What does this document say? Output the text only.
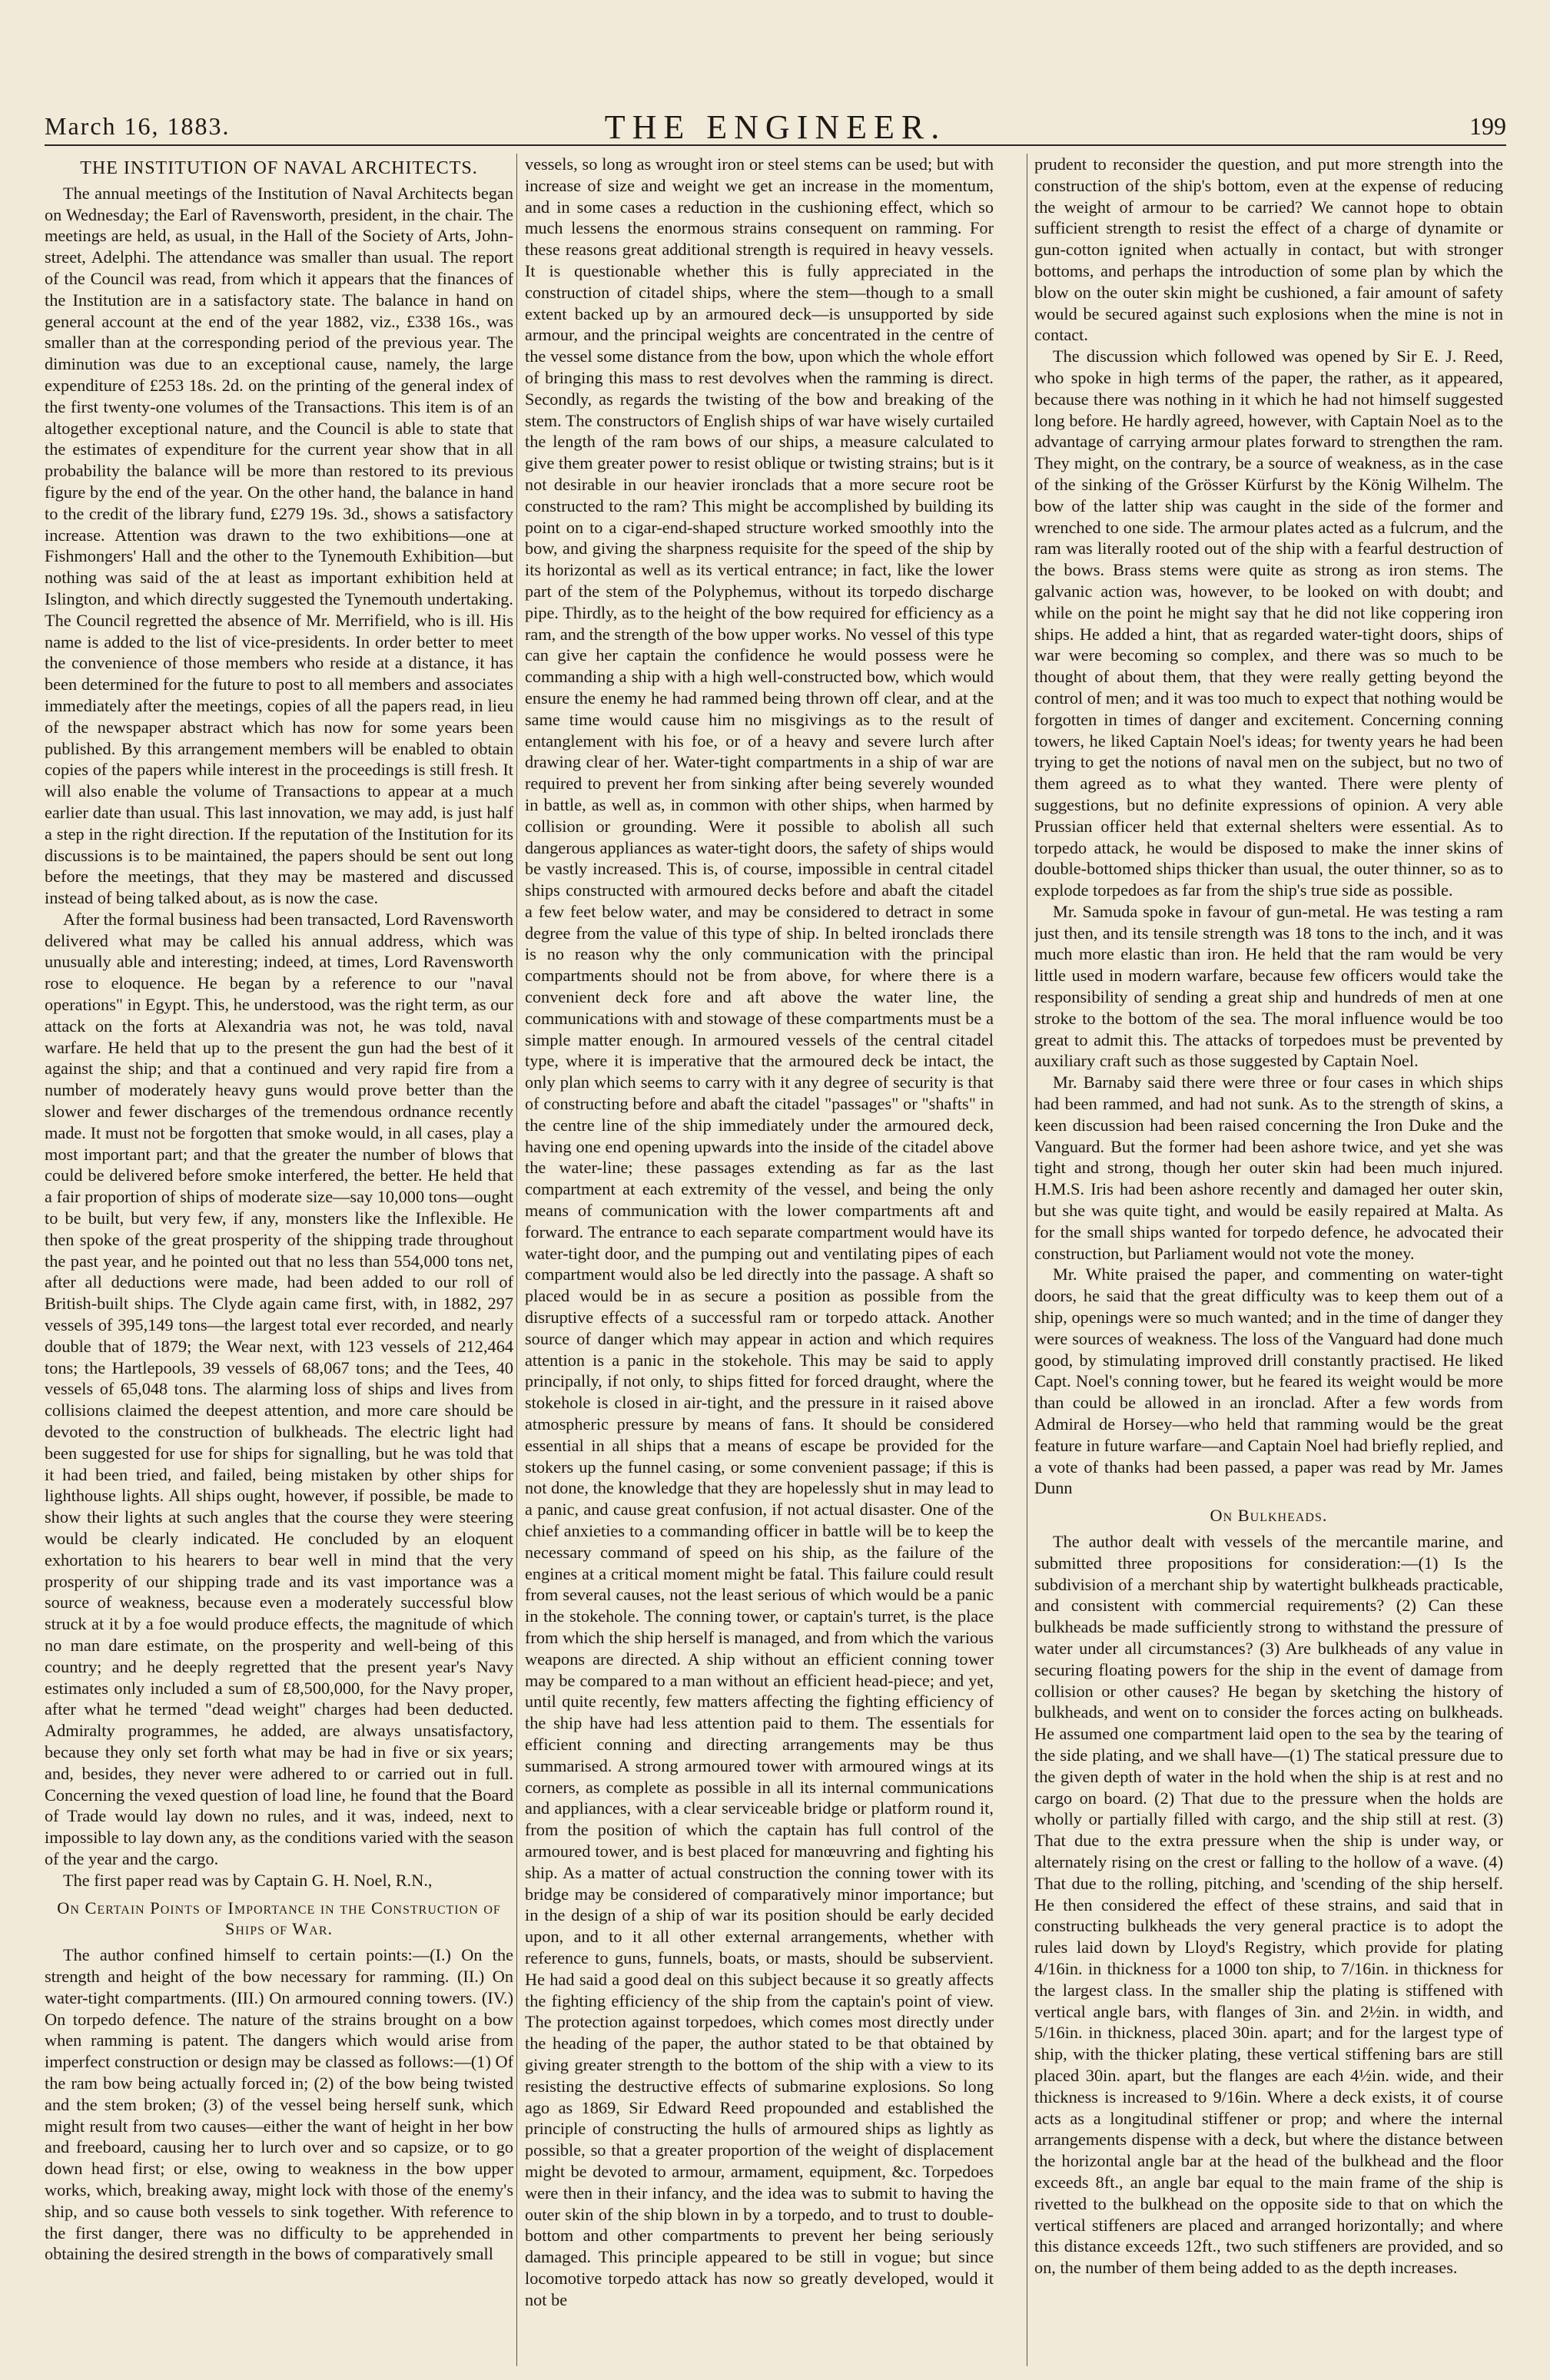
March 16, 1883.	THE ENGINEER.	199

THE INSTITUTION OF NAVAL ARCHITECTS.

The annual meetings of the Institution of Naval Architects began on Wednesday; the Earl of Ravensworth, president, in the chair. The meetings are held, as usual, in the Hall of the Society of Arts, John-street, Adelphi. The attendance was smaller than usual. The report of the Council was read, from which it appears that the finances of the Institution are in a satisfactory state. The balance in hand on general account at the end of the year 1882, viz., £338 16s., was smaller than at the corresponding period of the previous year. The diminution was due to an exceptional cause, namely, the large expenditure of £253 18s. 2d. on the printing of the general index of the first twenty-one volumes of the Transactions. This item is of an altogether exceptional nature, and the Council is able to state that the estimates of expenditure for the current year show that in all probability the balance will be more than restored to its previous figure by the end of the year. On the other hand, the balance in hand to the credit of the library fund, £279 19s. 3d., shows a satisfactory increase. Attention was drawn to the two exhibitions—one at Fishmongers' Hall and the other to the Tynemouth Exhibition—but nothing was said of the at least as important exhibition held at Islington, and which directly suggested the Tynemouth undertaking. The Council regretted the absence of Mr. Merrifield, who is ill. His name is added to the list of vice-presidents. In order better to meet the convenience of those members who reside at a distance, it has been determined for the future to post to all members and associates immediately after the meetings, copies of all the papers read, in lieu of the newspaper abstract which has now for some years been published. By this arrangement members will be enabled to obtain copies of the papers while interest in the proceedings is still fresh. It will also enable the volume of Transactions to appear at a much earlier date than usual. This last innovation, we may add, is just half a step in the right direction. If the reputation of the Institution for its discussions is to be maintained, the papers should be sent out long before the meetings, that they may be mastered and discussed instead of being talked about, as is now the case.

After the formal business had been transacted, Lord Ravensworth delivered what may be called his annual address, which was unusually able and interesting; indeed, at times, Lord Ravensworth rose to eloquence. He began by a reference to our "naval operations" in Egypt. This, he understood, was the right term, as our attack on the forts at Alexandria was not, he was told, naval warfare. He held that up to the present the gun had the best of it against the ship; and that a continued and very rapid fire from a number of moderately heavy guns would prove better than the slower and fewer discharges of the tremendous ordnance recently made. It must not be forgotten that smoke would, in all cases, play a most important part; and that the greater the number of blows that could be delivered before smoke interfered, the better. He held that a fair proportion of ships of moderate size—say 10,000 tons—ought to be built, but very few, if any, monsters like the Inflexible. He then spoke of the great prosperity of the shipping trade throughout the past year, and he pointed out that no less than 554,000 tons net, after all deductions were made, had been added to our roll of British-built ships. The Clyde again came first, with, in 1882, 297 vessels of 395,149 tons—the largest total ever recorded, and nearly double that of 1879; the Wear next, with 123 vessels of 212,464 tons; the Hartlepools, 39 vessels of 68,067 tons; and the Tees, 40 vessels of 65,048 tons. The alarming loss of ships and lives from collisions claimed the deepest attention, and more care should be devoted to the construction of bulkheads. The electric light had been suggested for use for ships for signalling, but he was told that it had been tried, and failed, being mistaken by other ships for lighthouse lights. All ships ought, however, if possible, be made to show their lights at such angles that the course they were steering would be clearly indicated. He concluded by an eloquent exhortation to his hearers to bear well in mind that the very prosperity of our shipping trade and its vast importance was a source of weakness, because even a moderately successful blow struck at it by a foe would produce effects, the magnitude of which no man dare estimate, on the prosperity and well-being of this country; and he deeply regretted that the present year's Navy estimates only included a sum of £8,500,000, for the Navy proper, after what he termed "dead weight" charges had been deducted. Admiralty programmes, he added, are always unsatisfactory, because they only set forth what may be had in five or six years; and, besides, they never were adhered to or carried out in full. Concerning the vexed question of load line, he found that the Board of Trade would lay down no rules, and it was, indeed, next to impossible to lay down any, as the conditions varied with the season of the year and the cargo.

The first paper read was by Captain G. H. Noel, R.N.,

On Certain Points of Importance in the Construction of Ships of War.

The author confined himself to certain points:—(I.) On the strength and height of the bow necessary for ramming. (II.) On water-tight compartments. (III.) On armoured conning towers. (IV.) On torpedo defence. The nature of the strains brought on a bow when ramming is patent. The dangers which would arise from imperfect construction or design may be classed as follows:—(1) Of the ram bow being actually forced in; (2) of the bow being twisted and the stem broken; (3) of the vessel being herself sunk, which might result from two causes—either the want of height in her bow and freeboard, causing her to lurch over and so capsize, or to go down head first; or else, owing to weakness in the bow upper works, which, breaking away, might lock with those of the enemy's ship, and so cause both vessels to sink together. With reference to the first danger, there was no difficulty to be apprehended in obtaining the desired strength in the bows of comparatively small

vessels, so long as wrought iron or steel stems can be used; but with increase of size and weight we get an increase in the momentum, and in some cases a reduction in the cushioning effect, which so much lessens the enormous strains consequent on ramming. For these reasons great additional strength is required in heavy vessels. It is questionable whether this is fully appreciated in the construction of citadel ships, where the stem—though to a small extent backed up by an armoured deck—is unsupported by side armour, and the principal weights are concentrated in the centre of the vessel some distance from the bow, upon which the whole effort of bringing this mass to rest devolves when the ramming is direct. Secondly, as regards the twisting of the bow and breaking of the stem. The constructors of English ships of war have wisely curtailed the length of the ram bows of our ships, a measure calculated to give them greater power to resist oblique or twisting strains; but is it not desirable in our heavier ironclads that a more secure root be constructed to the ram? This might be accomplished by building its point on to a cigar-end-shaped structure worked smoothly into the bow, and giving the sharpness requisite for the speed of the ship by its horizontal as well as its vertical entrance; in fact, like the lower part of the stem of the Polyphemus, without its torpedo discharge pipe. Thirdly, as to the height of the bow required for efficiency as a ram, and the strength of the bow upper works. No vessel of this type can give her captain the confidence he would possess were he commanding a ship with a high well-constructed bow, which would ensure the enemy he had rammed being thrown off clear, and at the same time would cause him no misgivings as to the result of entanglement with his foe, or of a heavy and severe lurch after drawing clear of her. Water-tight compartments in a ship of war are required to prevent her from sinking after being severely wounded in battle, as well as, in common with other ships, when harmed by collision or grounding. Were it possible to abolish all such dangerous appliances as water-tight doors, the safety of ships would be vastly increased. This is, of course, impossible in central citadel ships constructed with armoured decks before and abaft the citadel a few feet below water, and may be considered to detract in some degree from the value of this type of ship. In belted ironclads there is no reason why the only communication with the principal compartments should not be from above, for where there is a convenient deck fore and aft above the water line, the communications with and stowage of these compartments must be a simple matter enough. In armoured vessels of the central citadel type, where it is imperative that the armoured deck be intact, the only plan which seems to carry with it any degree of security is that of constructing before and abaft the citadel "passages" or "shafts" in the centre line of the ship immediately under the armoured deck, having one end opening upwards into the inside of the citadel above the water-line; these passages extending as far as the last compartment at each extremity of the vessel, and being the only means of communication with the lower compartments aft and forward. The entrance to each separate compartment would have its water-tight door, and the pumping out and ventilating pipes of each compartment would also be led directly into the passage. A shaft so placed would be in as secure a position as possible from the disruptive effects of a successful ram or torpedo attack. Another source of danger which may appear in action and which requires attention is a panic in the stokehole. This may be said to apply principally, if not only, to ships fitted for forced draught, where the stokehole is closed in air-tight, and the pressure in it raised above atmospheric pressure by means of fans. It should be considered essential in all ships that a means of escape be provided for the stokers up the funnel casing, or some convenient passage; if this is not done, the knowledge that they are hopelessly shut in may lead to a panic, and cause great confusion, if not actual disaster. One of the chief anxieties to a commanding officer in battle will be to keep the necessary command of speed on his ship, as the failure of the engines at a critical moment might be fatal. This failure could result from several causes, not the least serious of which would be a panic in the stokehole. The conning tower, or captain's turret, is the place from which the ship herself is managed, and from which the various weapons are directed. A ship without an efficient conning tower may be compared to a man without an efficient head-piece; and yet, until quite recently, few matters affecting the fighting efficiency of the ship have had less attention paid to them. The essentials for efficient conning and directing arrangements may be thus summarised. A strong armoured tower with armoured wings at its corners, as complete as possible in all its internal communications and appliances, with a clear serviceable bridge or platform round it, from the position of which the captain has full control of the armoured tower, and is best placed for manœuvring and fighting his ship. As a matter of actual construction the conning tower with its bridge may be considered of comparatively minor importance; but in the design of a ship of war its position should be early decided upon, and to it all other external arrangements, whether with reference to guns, funnels, boats, or masts, should be subservient. He had said a good deal on this subject because it so greatly affects the fighting efficiency of the ship from the captain's point of view. The protection against torpedoes, which comes most directly under the heading of the paper, the author stated to be that obtained by giving greater strength to the bottom of the ship with a view to its resisting the destructive effects of submarine explosions. So long ago as 1869, Sir Edward Reed propounded and established the principle of constructing the hulls of armoured ships as lightly as possible, so that a greater proportion of the weight of displacement might be devoted to armour, armament, equipment, &c. Torpedoes were then in their infancy, and the idea was to submit to having the outer skin of the ship blown in by a torpedo, and to trust to double-bottom and other compartments to prevent her being seriously damaged. This principle appeared to be still in vogue; but since locomotive torpedo attack has now so greatly developed, would it not be

prudent to reconsider the question, and put more strength into the construction of the ship's bottom, even at the expense of reducing the weight of armour to be carried? We cannot hope to obtain sufficient strength to resist the effect of a charge of dynamite or gun-cotton ignited when actually in contact, but with stronger bottoms, and perhaps the introduction of some plan by which the blow on the outer skin might be cushioned, a fair amount of safety would be secured against such explosions when the mine is not in contact.

The discussion which followed was opened by Sir E. J. Reed, who spoke in high terms of the paper, the rather, as it appeared, because there was nothing in it which he had not himself suggested long before. He hardly agreed, however, with Captain Noel as to the advantage of carrying armour plates forward to strengthen the ram. They might, on the contrary, be a source of weakness, as in the case of the sinking of the Grösser Kürfurst by the König Wilhelm. The bow of the latter ship was caught in the side of the former and wrenched to one side. The armour plates acted as a fulcrum, and the ram was literally rooted out of the ship with a fearful destruction of the bows. Brass stems were quite as strong as iron stems. The galvanic action was, however, to be looked on with doubt; and while on the point he might say that he did not like coppering iron ships. He added a hint, that as regarded water-tight doors, ships of war were becoming so complex, and there was so much to be thought of about them, that they were really getting beyond the control of men; and it was too much to expect that nothing would be forgotten in times of danger and excitement. Concerning conning towers, he liked Captain Noel's ideas; for twenty years he had been trying to get the notions of naval men on the subject, but no two of them agreed as to what they wanted. There were plenty of suggestions, but no definite expressions of opinion. A very able Prussian officer held that external shelters were essential. As to torpedo attack, he would be disposed to make the inner skins of double-bottomed ships thicker than usual, the outer thinner, so as to explode torpedoes as far from the ship's true side as possible.

Mr. Samuda spoke in favour of gun-metal. He was testing a ram just then, and its tensile strength was 18 tons to the inch, and it was much more elastic than iron. He held that the ram would be very little used in modern warfare, because few officers would take the responsibility of sending a great ship and hundreds of men at one stroke to the bottom of the sea. The moral influence would be too great to admit this. The attacks of torpedoes must be prevented by auxiliary craft such as those suggested by Captain Noel.

Mr. Barnaby said there were three or four cases in which ships had been rammed, and had not sunk. As to the strength of skins, a keen discussion had been raised concerning the Iron Duke and the Vanguard. But the former had been ashore twice, and yet she was tight and strong, though her outer skin had been much injured. H.M.S. Iris had been ashore recently and damaged her outer skin, but she was quite tight, and would be easily repaired at Malta. As for the small ships wanted for torpedo defence, he advocated their construction, but Parliament would not vote the money.

Mr. White praised the paper, and commenting on water-tight doors, he said that the great difficulty was to keep them out of a ship, openings were so much wanted; and in the time of danger they were sources of weakness. The loss of the Vanguard had done much good, by stimulating improved drill constantly practised. He liked Capt. Noel's conning tower, but he feared its weight would be more than could be allowed in an ironclad. After a few words from Admiral de Horsey—who held that ramming would be the great feature in future warfare—and Captain Noel had briefly replied, and a vote of thanks had been passed, a paper was read by Mr. James Dunn

On Bulkheads.

The author dealt with vessels of the mercantile marine, and submitted three propositions for consideration:—(1) Is the subdivision of a merchant ship by watertight bulkheads practicable, and consistent with commercial requirements? (2) Can these bulkheads be made sufficiently strong to withstand the pressure of water under all circumstances? (3) Are bulkheads of any value in securing floating powers for the ship in the event of damage from collision or other causes? He began by sketching the history of bulkheads, and went on to consider the forces acting on bulkheads. He assumed one compartment laid open to the sea by the tearing of the side plating, and we shall have—(1) The statical pressure due to the given depth of water in the hold when the ship is at rest and no cargo on board. (2) That due to the pressure when the holds are wholly or partially filled with cargo, and the ship still at rest. (3) That due to the extra pressure when the ship is under way, or alternately rising on the crest or falling to the hollow of a wave. (4) That due to the rolling, pitching, and 'scending of the ship herself. He then considered the effect of these strains, and said that in constructing bulkheads the very general practice is to adopt the rules laid down by Lloyd's Registry, which provide for plating 4/16in. in thickness for a 1000 ton ship, to 7/16in. in thickness for the largest class. In the smaller ship the plating is stiffened with vertical angle bars, with flanges of 3in. and 2½in. in width, and 5/16in. in thickness, placed 30in. apart; and for the largest type of ship, with the thicker plating, these vertical stiffening bars are still placed 30in. apart, but the flanges are each 4½in. wide, and their thickness is increased to 9/16in. Where a deck exists, it of course acts as a longitudinal stiffener or prop; and where the internal arrangements dispense with a deck, but where the distance between the horizontal angle bar at the head of the bulkhead and the floor exceeds 8ft., an angle bar equal to the main frame of the ship is rivetted to the bulkhead on the opposite side to that on which the vertical stiffeners are placed and arranged horizontally; and where this distance exceeds 12ft., two such stiffeners are provided, and so on, the number of them being added to as the depth increases.
